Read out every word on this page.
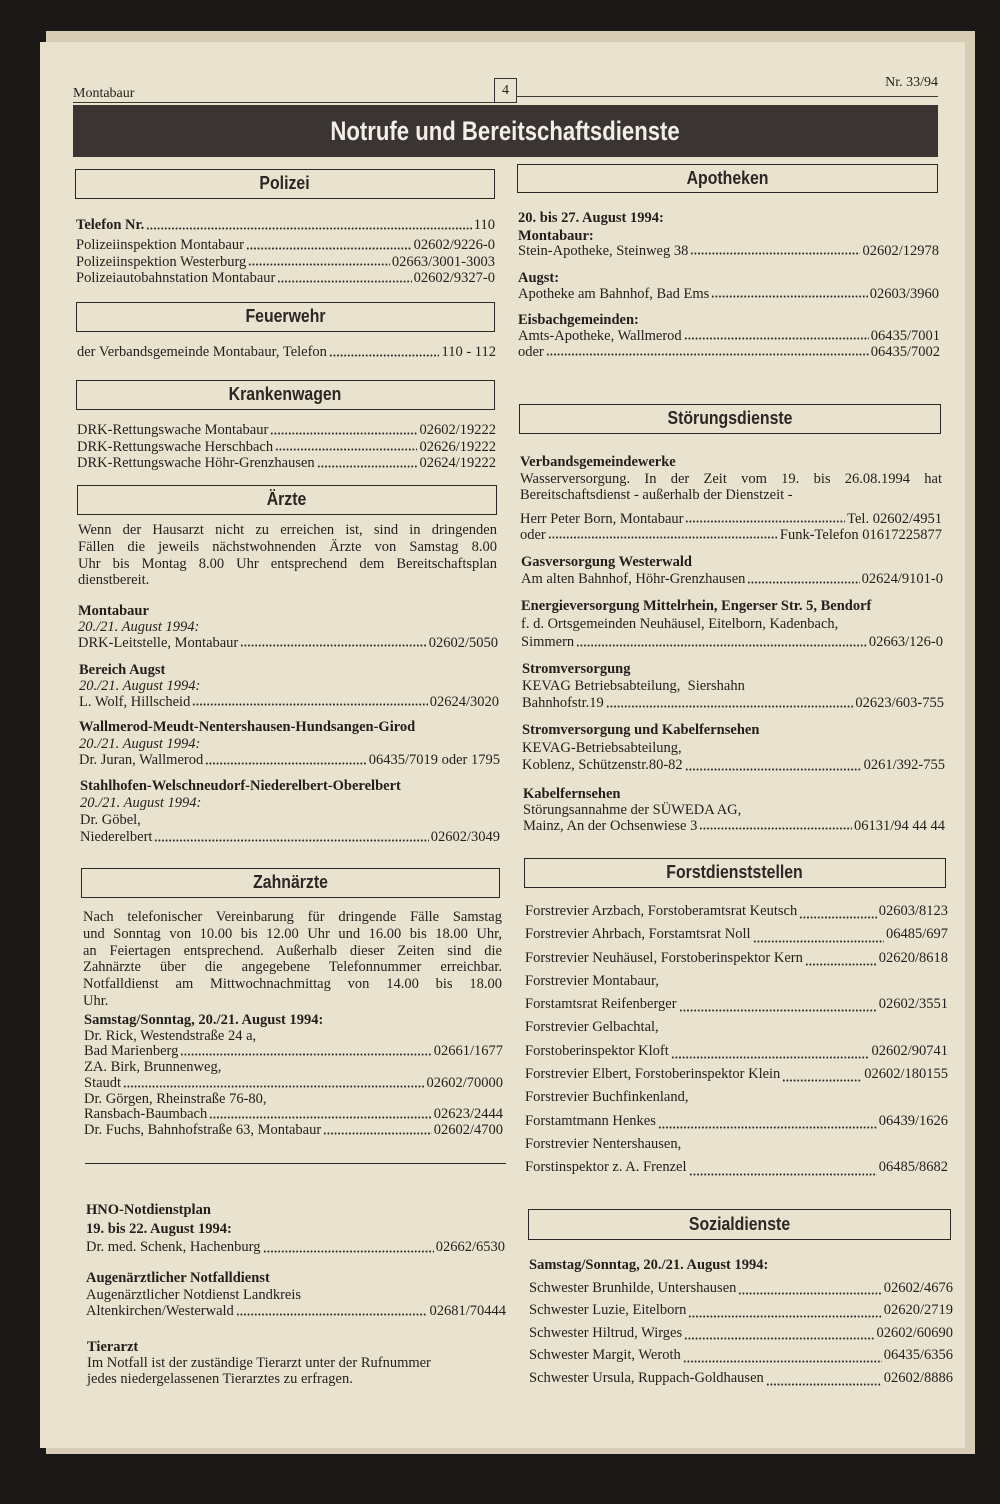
Montabaur	4
Nr. 33/94
Notrufe und Bereitschaftsdienste
Polizei
Telefon Nr.	110
Polizeiinspektion Montabaur	02602/9226-0
Polizeiinspektion Westerburg	02663/3001-3003
Polizeiautobahnstation Montabaur	02602/9327-0
Feuerwehr
der Verbandsgemeinde Montabaur, Telefon	110 - 112
Krankenwagen
DRK-Rettungswache Montabaur	02602/19222
DRK-Rettungswache Herschbach	02626/19222
DRK-Rettungswache Höhr-Grenzhausen	02624/19222
Ärzte
Wenn der Hausarzt nicht zu erreichen ist, sind in dringenden
Fällen die jeweils nächstwohnenden Ärzte von Samstag 8.00
Uhr bis Montag 8.00 Uhr entsprechend dem Bereitschaftsplan
dienstbereit.
Montabaur
20./21. August 1994:
DRK-Leitstelle, Montabaur	02602/5050
Bereich Augst
20./21. August 1994:
L. Wolf, Hillscheid	02624/3020
Wallmerod-Meudt-Nentershausen-Hundsangen-Girod
20./21. August 1994:
Dr. Juran, Wallmerod	06435/7019 oder 1795
Stahlhofen-Welschneudorf-Niederelbert-Oberelbert
20./21. August 1994:
Dr. Göbel,
Niederelbert	02602/3049
Zahnärzte
Nach telefonischer Vereinbarung für dringende Fälle Samstag
und Sonntag von 10.00 bis 12.00 Uhr und 16.00 bis 18.00 Uhr,
an Feiertagen entsprechend. Außerhalb dieser Zeiten sind die
Zahnärzte über die angegebene Telefonnummer erreichbar.
Notfalldienst am Mittwochnachmittag von 14.00 bis 18.00
Uhr.
Samstag/Sonntag, 20./21. August 1994:
Dr. Rick, Westendstraße 24 a,
Bad Marienberg	02661/1677
ZA. Birk, Brunnenweg,
Staudt	02602/70000
Dr. Görgen, Rheinstraße 76-80,
Ransbach-Baumbach	02623/2444
Dr. Fuchs, Bahnhofstraße 63, Montabaur	02602/4700
HNO-Notdienstplan
19. bis 22. August 1994:
Dr. med. Schenk, Hachenburg	02662/6530
Augenärztlicher Notfalldienst
Augenärztlicher Notdienst Landkreis
Altenkirchen/Westerwald	02681/70444
Tierarzt
Im Notfall ist der zuständige Tierarzt unter der Rufnummer
jedes niedergelassenen Tierarztes zu erfragen.
Apotheken
20. bis 27. August 1994:
Montabaur:
Stein-Apotheke, Steinweg 38	02602/12978
Augst:
Apotheke am Bahnhof, Bad Ems	02603/3960
Eisbachgemeinden:
Amts-Apotheke, Wallmerod	06435/7001
oder	06435/7002
Störungsdienste
Verbandsgemeindewerke
Wasserversorgung. In der Zeit vom 19. bis 26.08.1994 hat
Bereitschaftsdienst - außerhalb der Dienstzeit -
Herr Peter Born, Montabaur	Tel. 02602/4951
oder	Funk-Telefon 01617225877
Gasversorgung Westerwald
Am alten Bahnhof, Höhr-Grenzhausen	02624/9101-0
Energieversorgung Mittelrhein, Engerser Str. 5, Bendorf
f. d. Ortsgemeinden Neuhäusel, Eitelborn, Kadenbach,
Simmern	02663/126-0
Stromversorgung
KEVAG Betriebsabteilung,  Siershahn
Bahnhofstr.19	02623/603-755
Stromversorgung und Kabelfernsehen
KEVAG-Betriebsabteilung,
Koblenz, Schützenstr.80-82	0261/392-755
Kabelfernsehen
Störungsannahme der SÜWEDA AG,
Mainz, An der Ochsenwiese 3	06131/94 44 44
Forstdienststellen
Forstrevier Arzbach, Forstoberamtsrat Keutsch	02603/8123
Forstrevier Ahrbach, Forstamtsrat Noll	06485/697
Forstrevier Neuhäusel, Forstoberinspektor Kern	02620/8618
Forstrevier Montabaur,
Forstamtsrat Reifenberger	02602/3551
Forstrevier Gelbachtal,
Forstoberinspektor Kloft	02602/90741
Forstrevier Elbert, Forstoberinspektor Klein	02602/180155
Forstrevier Buchfinkenland,
Forstamtmann Henkes	06439/1626
Forstrevier Nentershausen,
Forstinspektor z. A. Frenzel	06485/8682
Sozialdienste
Samstag/Sonntag, 20./21. August 1994:
Schwester Brunhilde, Untershausen	02602/4676
Schwester Luzie, Eitelborn	02620/2719
Schwester Hiltrud, Wirges	02602/60690
Schwester Margit, Weroth	06435/6356
Schwester Ursula, Ruppach-Goldhausen	02602/8886
